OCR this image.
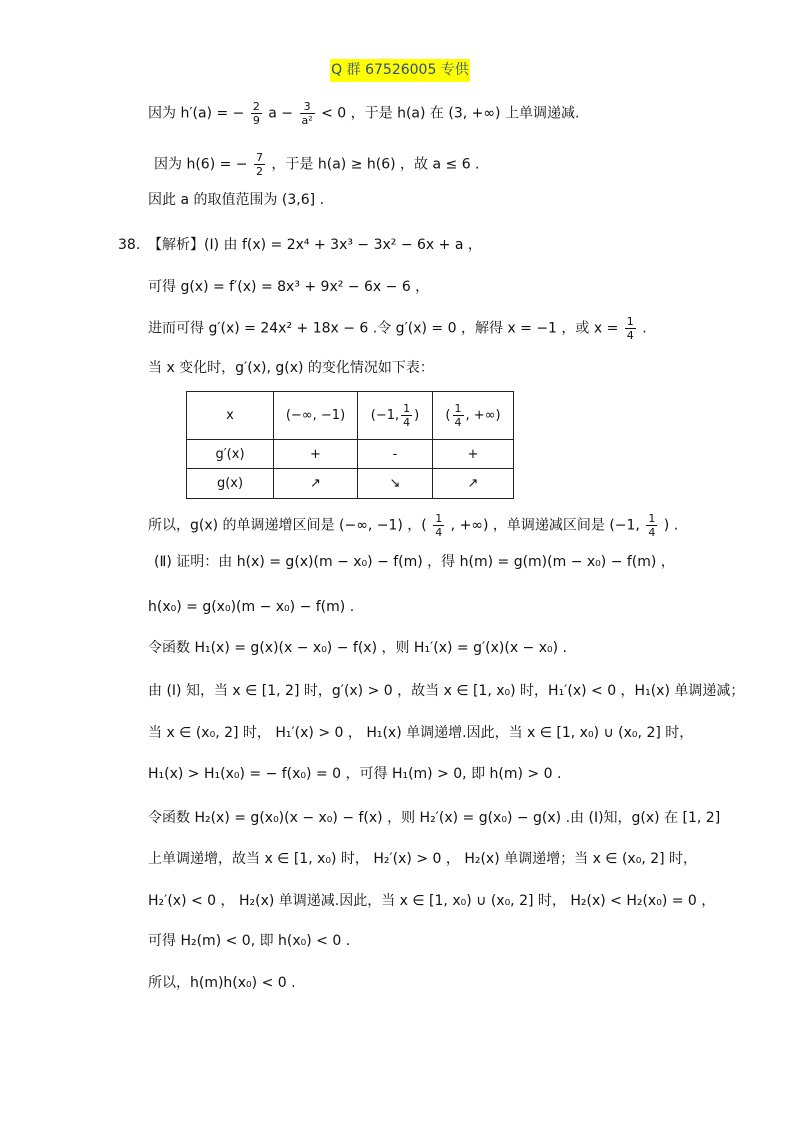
Q 群 67526005 专供
因为 h′(a) = − $\frac{2}{9}$ $a - \frac{3}{\text{a²}} < 0$ ，于是 h(a) 在 (3, +∞) 上单调递减.
因为 h(6) = − $\frac{7}{2}$ ，于是 h(a) ≥ h(6) ，故 a ≤ 6 .
因此 a 的取值范围为 (3,6] .
38. 【解析】(Ⅰ) 由 f(x) = 2x⁴ + 3x³ − 3x² − 6x + a ，
可得 g(x) = f′(x) = 8x³ + 9x² − 6x − 6 ，
进而可得 g′(x) = 24x² + 18x − 6 .令 g′(x) = 0 ，解得 x = −1 ，或 $x = \frac{1}{4}$ .
当 x 变化时，g′(x), g(x) 的变化情况如下表：
x	(−∞, −1)	(−1, $\frac{1}{4}$ )	( $\frac{1}{4}$ , +∞)
g′(x)	+	-	+
g(x)	↗	↘	↗
所以，g(x) 的单调递增区间是 (−∞, −1) ，( $\frac{1}{4}$ , +∞) ，单调递减区间是 (−1, $\frac{1}{4}$ ) .
(Ⅱ) 证明：由 h(x) = g(x)(m − x₀) − f(m) ，得 h(m) = g(m)(m − x₀) − f(m) ，
h(x₀) = g(x₀)(m − x₀) − f(m) .
令函数 H₁(x) = g(x)(x − x₀) − f(x) ，则 H₁′(x) = g′(x)(x − x₀) .
由 (Ⅰ) 知，当 x ∈ [1, 2] 时，g′(x) > 0 ，故当 x ∈ [1, x₀) 时，H₁′(x) < 0 ，H₁(x) 单调递减；
当 x ∈ (x₀, 2] 时， H₁′(x) > 0 ， H₁(x) 单调递增.因此，当 x ∈ [1, x₀) ∪ (x₀, 2] 时，
H₁(x) > H₁(x₀) = − f(x₀) = 0 ，可得 H₁(m) > 0, 即 h(m) > 0 .
令函数 H₂(x) = g(x₀)(x − x₀) − f(x) ，则 H₂′(x) = g(x₀) − g(x) .由 (Ⅰ)知，g(x) 在 [1, 2]
上单调递增，故当 x ∈ [1, x₀) 时， H₂′(x) > 0 ， H₂(x) 单调递增；当 x ∈ (x₀, 2] 时，
H₂′(x) < 0 ， H₂(x) 单调递减.因此，当 x ∈ [1, x₀) ∪ (x₀, 2] 时， H₂(x) < H₂(x₀) = 0 ，
可得 H₂(m) < 0, 即 h(x₀) < 0 .
所以，h(m)h(x₀) < 0 .
